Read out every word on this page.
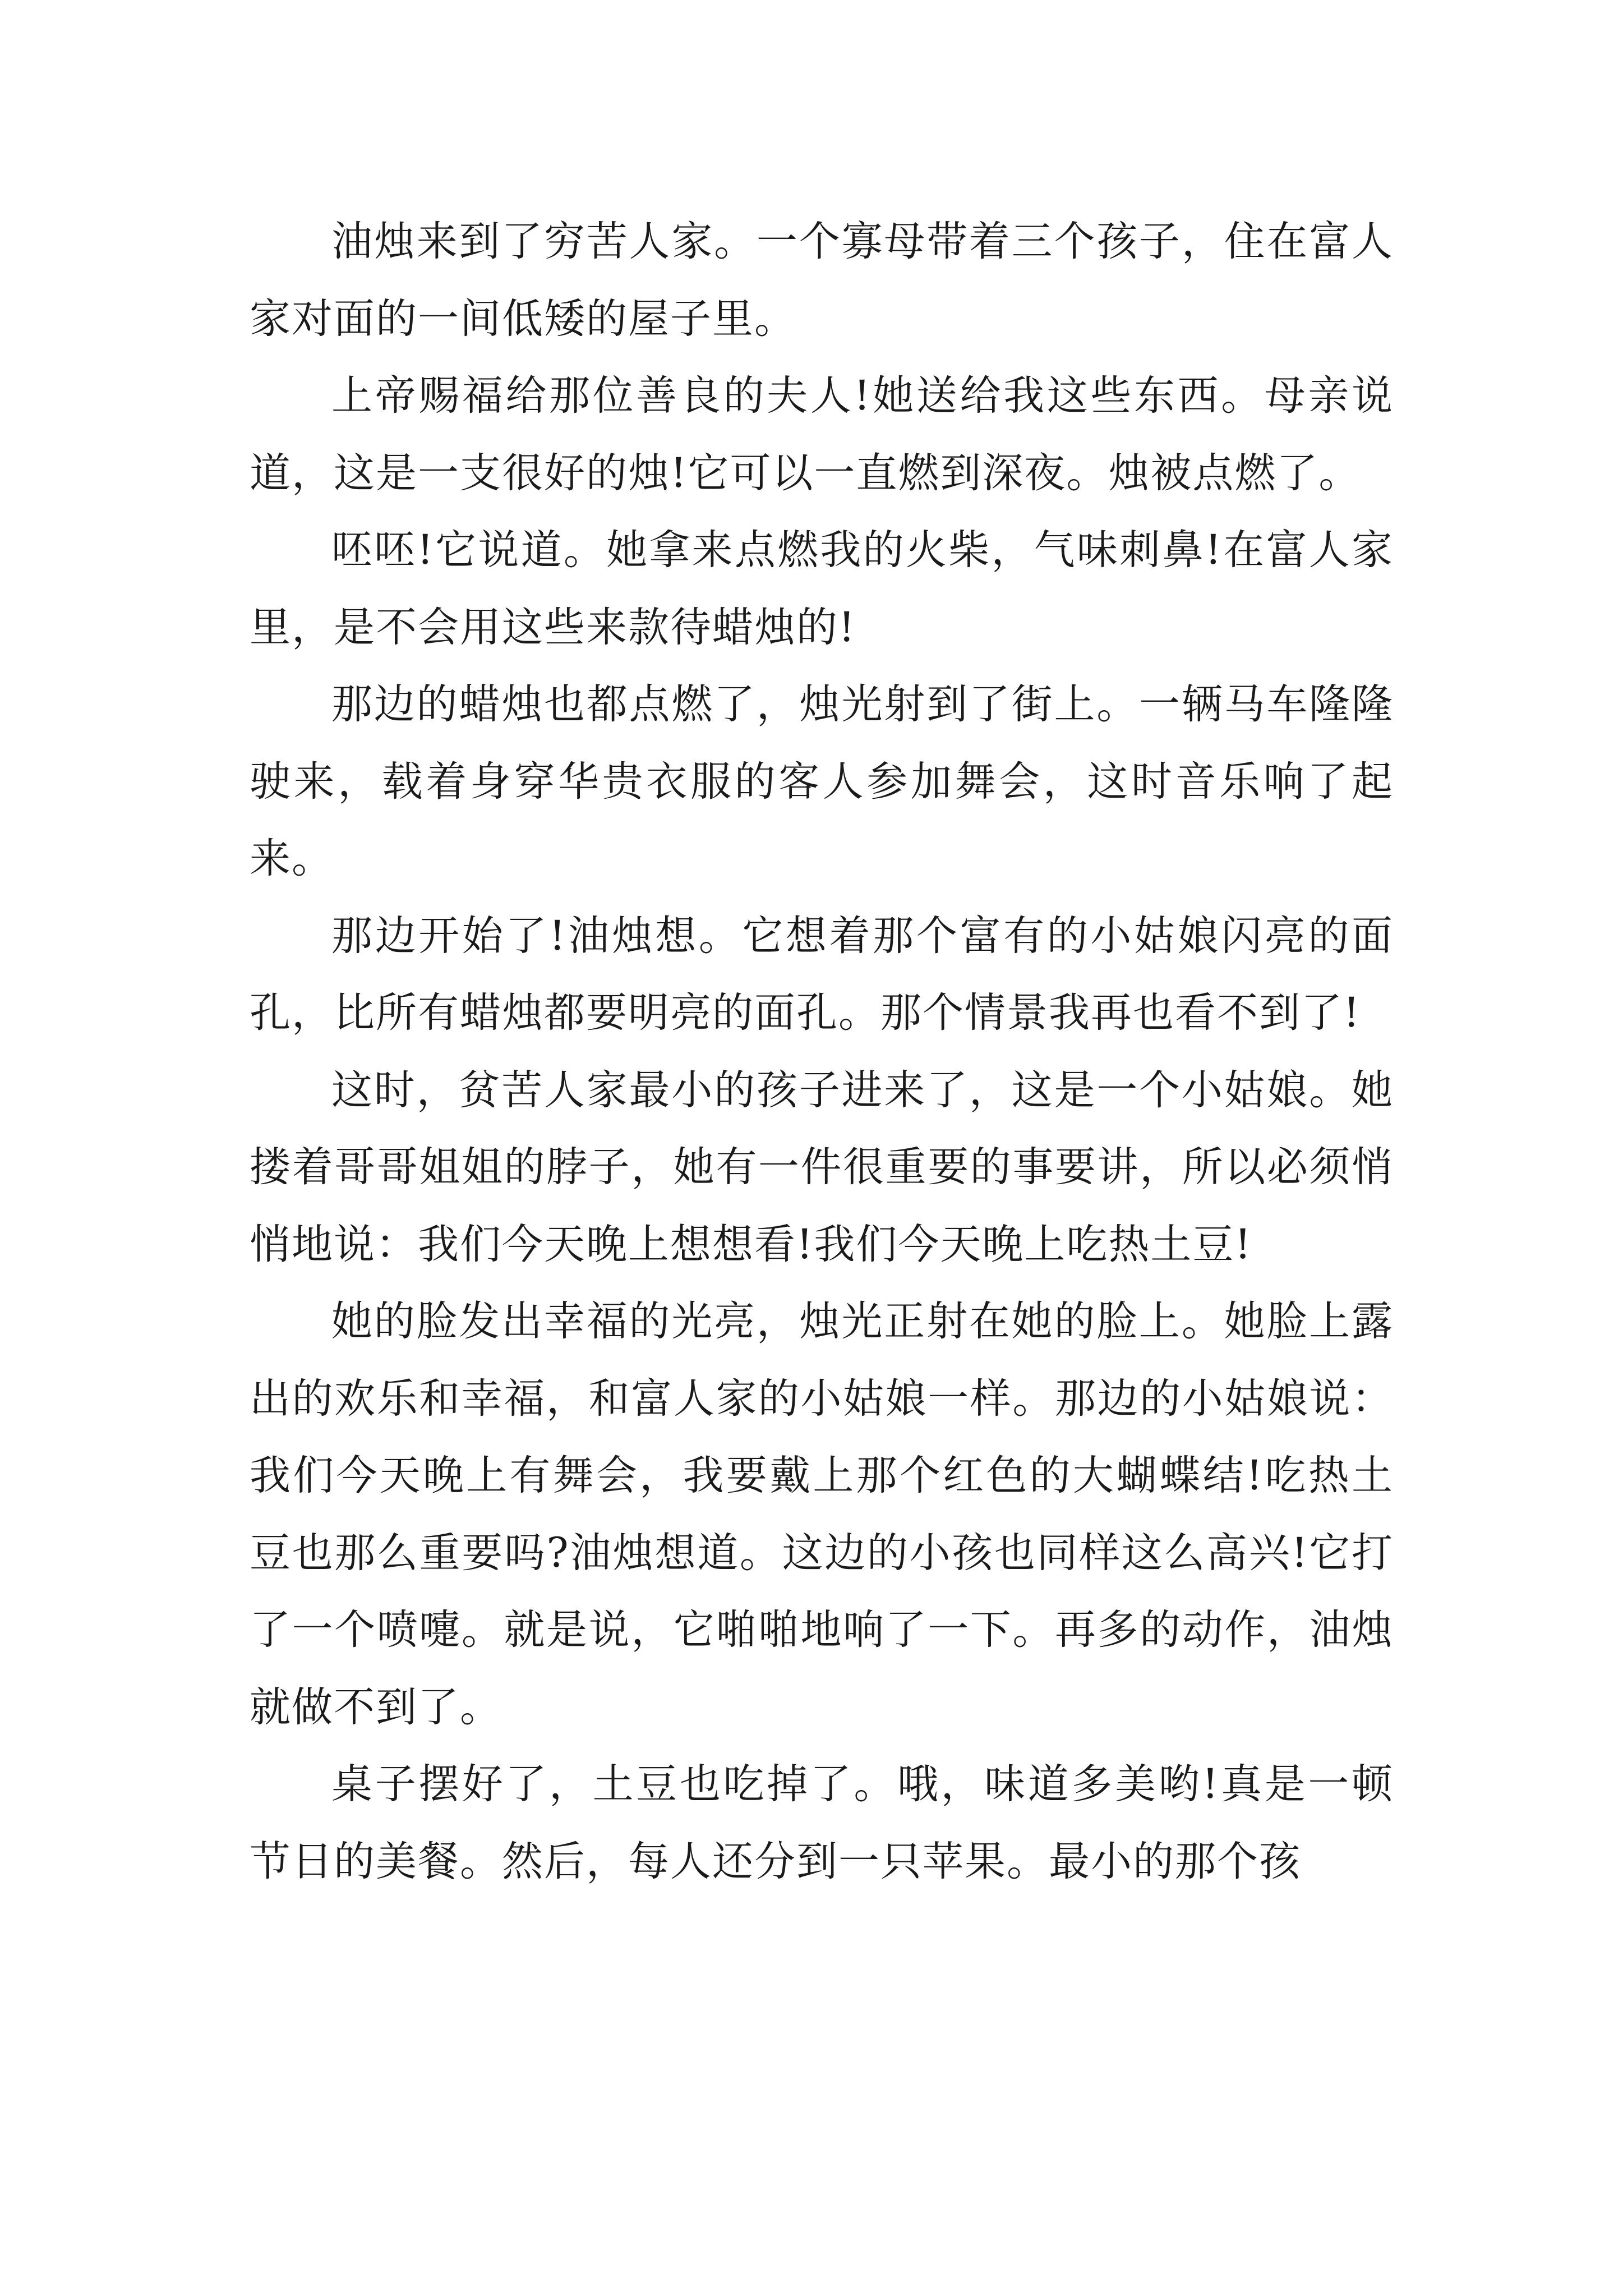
油烛来到了穷苦人家。一个寡母带着三个孩子，住在富人家对面的一间低矮的屋子里。

上帝赐福给那位善良的夫人!她送给我这些东西。母亲说道，这是一支很好的烛!它可以一直燃到深夜。烛被点燃了。

呸呸!它说道。她拿来点燃我的火柴，气味刺鼻!在富人家里，是不会用这些来款待蜡烛的!

那边的蜡烛也都点燃了，烛光射到了街上。一辆马车隆隆驶来，载着身穿华贵衣服的客人参加舞会，这时音乐响了起来。

那边开始了!油烛想。它想着那个富有的小姑娘闪亮的面孔，比所有蜡烛都要明亮的面孔。那个情景我再也看不到了!

这时，贫苦人家最小的孩子进来了，这是一个小姑娘。她搂着哥哥姐姐的脖子，她有一件很重要的事要讲，所以必须悄悄地说：我们今天晚上想想看!我们今天晚上吃热土豆!

她的脸发出幸福的光亮，烛光正射在她的脸上。她脸上露出的欢乐和幸福，和富人家的小姑娘一样。那边的小姑娘说：我们今天晚上有舞会，我要戴上那个红色的大蝴蝶结!吃热土豆也那么重要吗?油烛想道。这边的小孩也同样这么高兴!它打了一个喷嚏。就是说，它啪啪地响了一下。再多的动作，油烛就做不到了。

桌子摆好了，土豆也吃掉了。哦，味道多美哟!真是一顿节日的美餐。然后，每人还分到一只苹果。最小的那个孩
